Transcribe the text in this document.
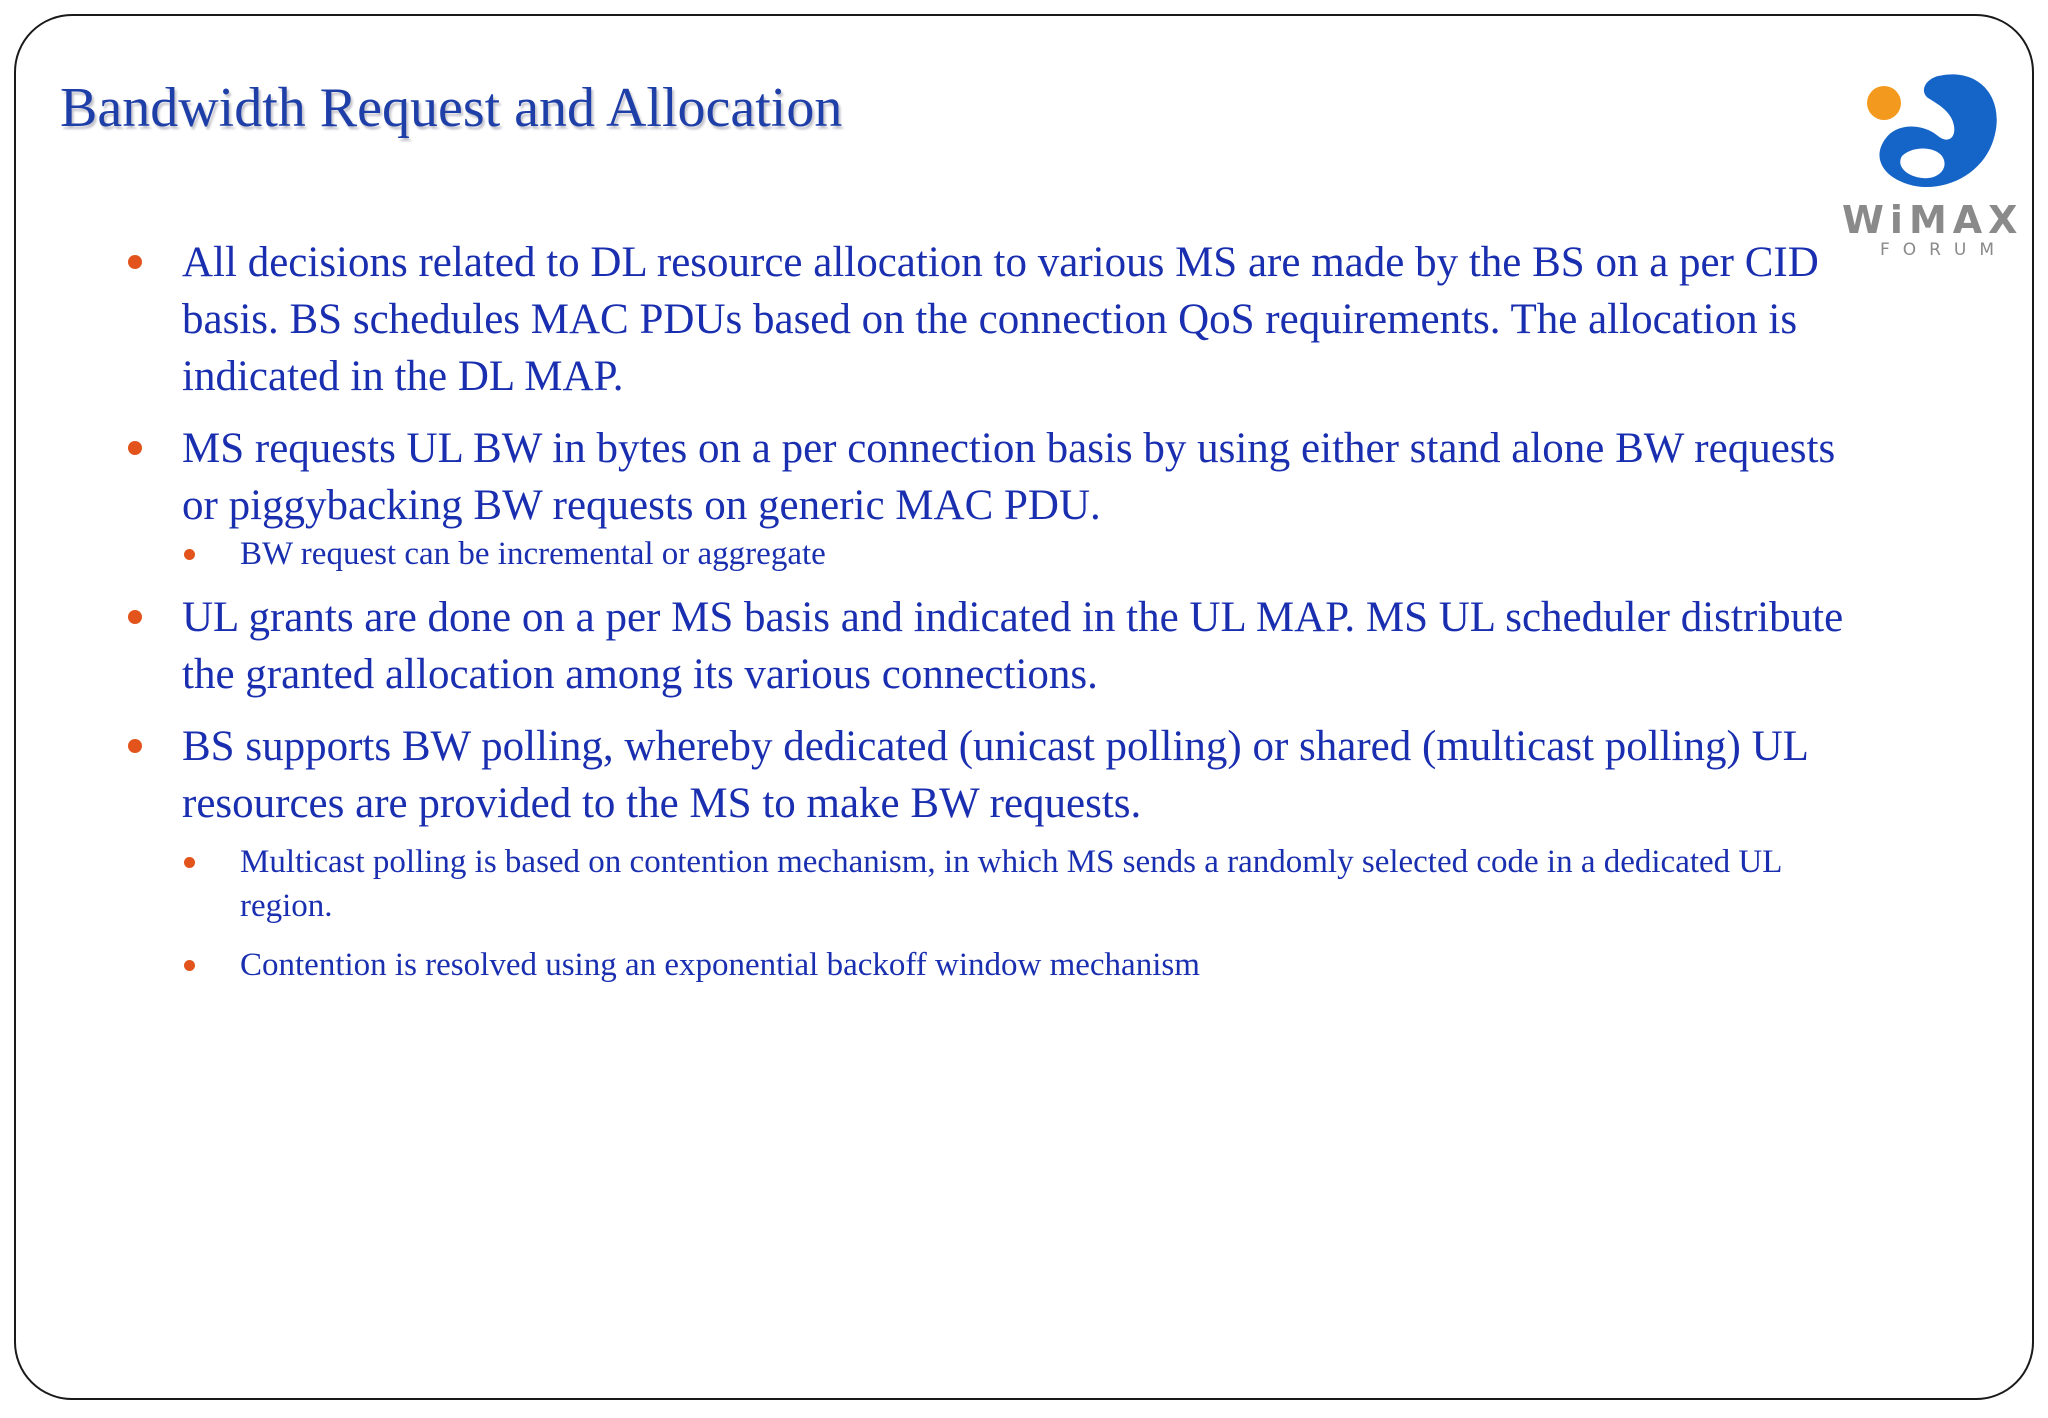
Bandwidth Request and Allocation
WiMAX
FORUM
All decisions related to DL resource allocation to various MS are made by the BS on a per CID basis. BS schedules MAC PDUs based on the connection QoS requirements. The allocation is indicated in the DL MAP.
MS requests UL BW in bytes on a per connection basis by using either stand alone BW requests or piggybacking BW requests on generic MAC PDU.
BW request can be incremental or aggregate
UL grants are done on a per MS basis and indicated in the UL MAP. MS UL scheduler distribute the granted allocation among its various connections.
BS supports BW polling, whereby dedicated (unicast polling) or shared (multicast polling) UL resources are provided to the MS to make BW requests.
Multicast polling is based on contention mechanism, in which MS sends a randomly selected code in a dedicated UL region.
Contention is resolved using an exponential backoff window mechanism
